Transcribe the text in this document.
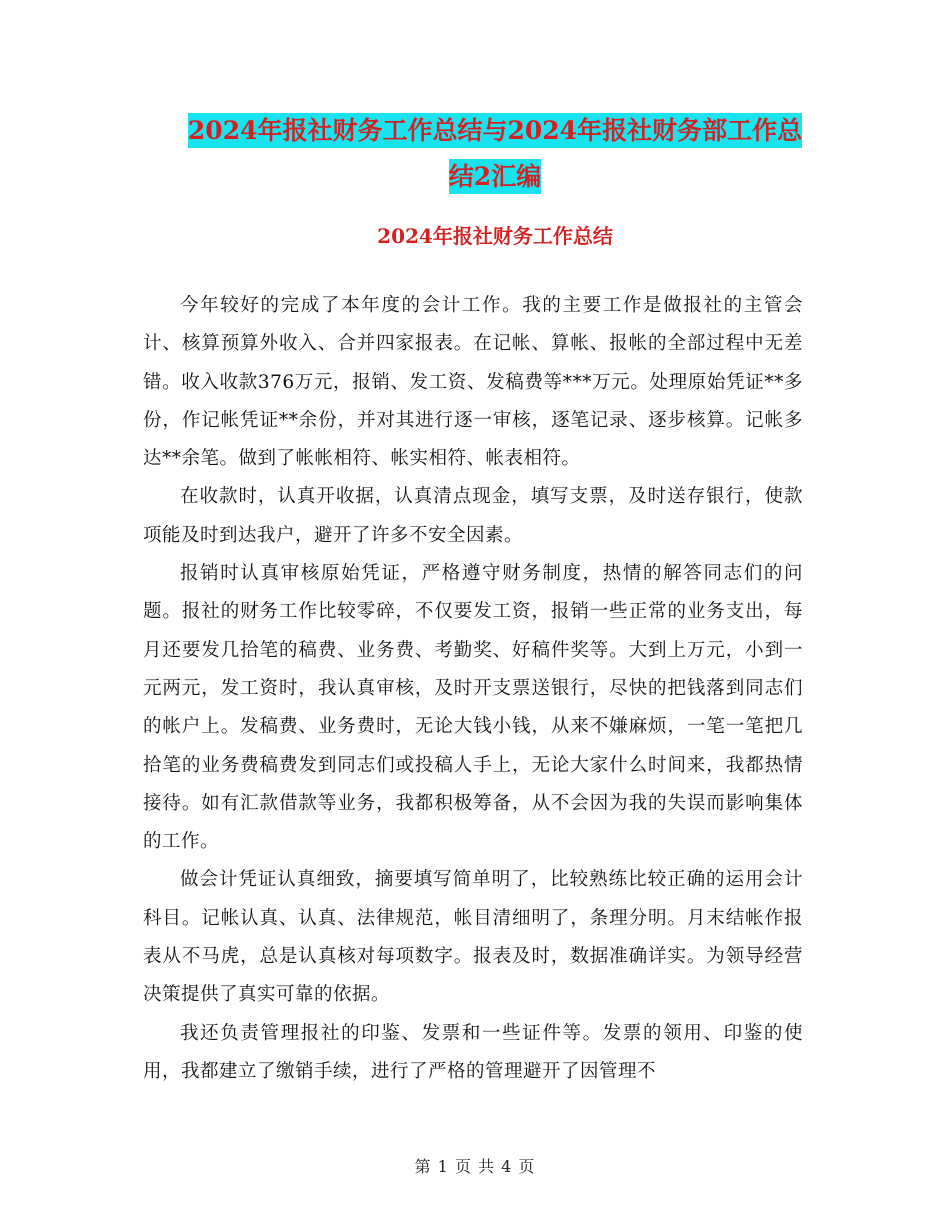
2024年报社财务工作总结与2024年报社财务部工作总
结2汇编
2024年报社财务工作总结

今年较好的完成了本年度的会计工作。我的主要工作是做报社的主管会计、核算预算外收入、合并四家报表。在记帐、算帐、报帐的全部过程中无差错。收入收款376万元，报销、发工资、发稿费等***万元。处理原始凭证**多份，作记帐凭证**余份，并对其进行逐一审核，逐笔记录、逐步核算。记帐多达**余笔。做到了帐帐相符、帐实相符、帐表相符。

在收款时，认真开收据，认真清点现金，填写支票，及时送存银行，使款项能及时到达我户，避开了许多不安全因素。

报销时认真审核原始凭证，严格遵守财务制度，热情的解答同志们的问题。报社的财务工作比较零碎，不仅要发工资，报销一些正常的业务支出，每月还要发几拾笔的稿费、业务费、考勤奖、好稿件奖等。大到上万元，小到一元两元，发工资时，我认真审核，及时开支票送银行，尽快的把钱落到同志们的帐户上。发稿费、业务费时，无论大钱小钱，从来不嫌麻烦，一笔一笔把几拾笔的业务费稿费发到同志们或投稿人手上，无论大家什么时间来，我都热情接待。如有汇款借款等业务，我都积极筹备，从不会因为我的失误而影响集体的工作。

做会计凭证认真细致，摘要填写简单明了，比较熟练比较正确的运用会计科目。记帐认真、认真、法律规范，帐目清细明了，条理分明。月末结帐作报表从不马虎，总是认真核对每项数字。报表及时，数据准确详实。为领导经营决策提供了真实可靠的依据。

我还负责管理报社的印鉴、发票和一些证件等。发票的领用、印鉴的使用，我都建立了缴销手续，进行了严格的管理避开了因管理不

第 1 页 共 4 页
